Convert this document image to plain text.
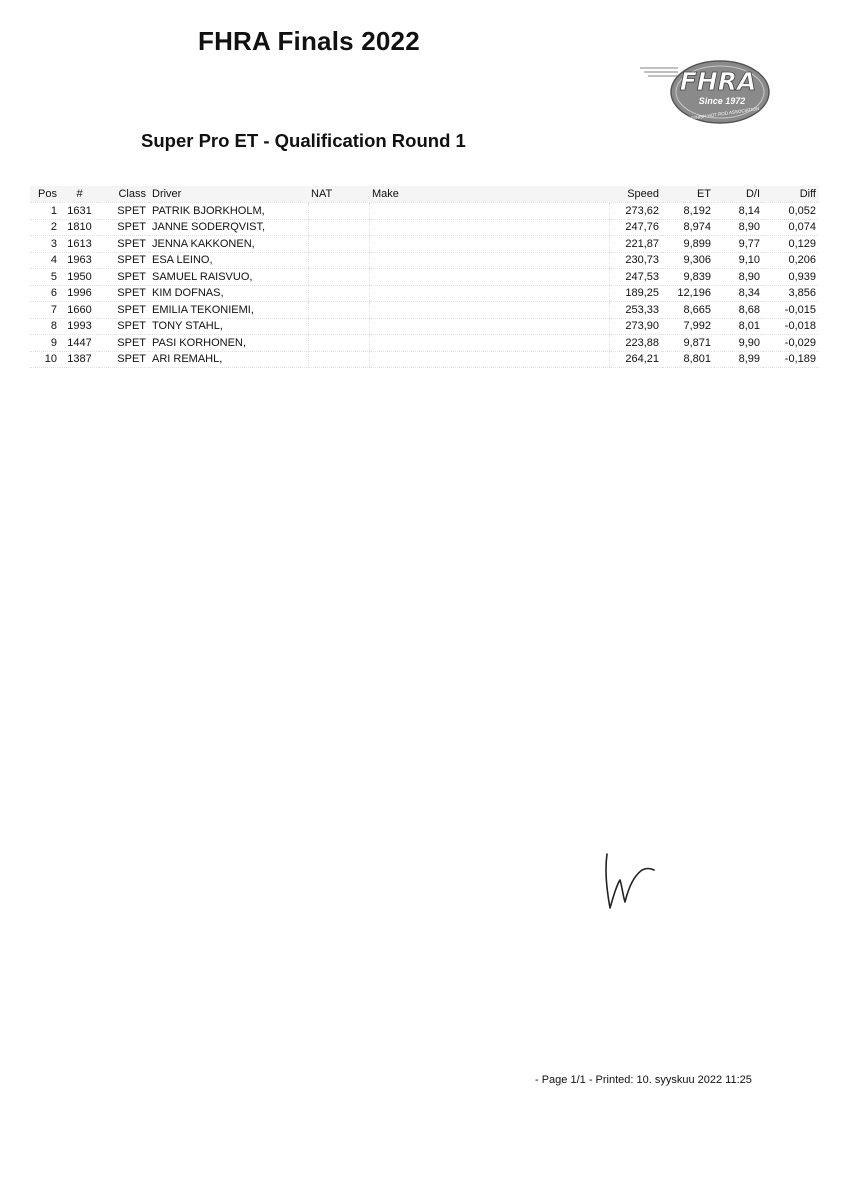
FHRA Finals 2022
FHRA
Since 1972
FINNISH HOT ROD ASSOCIATION
Super Pro ET - Qualification Round 1
Pos	#	Class	Driver	NAT	Make	Speed	ET	D/I	Diff
1	1631	SPET	PATRIK BJORKHOLM,			273,62	8,192	8,14	0,052
2	1810	SPET	JANNE SODERQVIST,			247,76	8,974	8,90	0,074
3	1613	SPET	JENNA KAKKONEN,			221,87	9,899	9,77	0,129
4	1963	SPET	ESA LEINO,			230,73	9,306	9,10	0,206
5	1950	SPET	SAMUEL RAISVUO,			247,53	9,839	8,90	0,939
6	1996	SPET	KIM DOFNAS,			189,25	12,196	8,34	3,856
7	1660	SPET	EMILIA TEKONIEMI,			253,33	8,665	8,68	-0,015
8	1993	SPET	TONY STAHL,			273,90	7,992	8,01	-0,018
9	1447	SPET	PASI KORHONEN,			223,88	9,871	9,90	-0,029
10	1387	SPET	ARI REMAHL,			264,21	8,801	8,99	-0,189
- Page 1/1 - Printed: 10. syyskuu 2022 11:25
